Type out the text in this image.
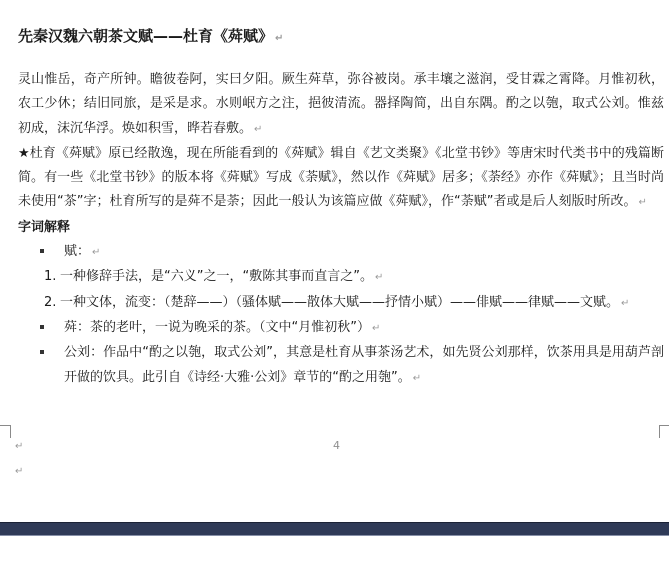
先秦汉魏六朝茶文赋——杜育《荈赋》 ↵

灵山惟岳，奇产所钟。瞻彼卷阿，实曰夕阳。厥生荈草，弥谷被岗。承丰壤之滋润，受甘霖之霄降。月惟初秋，农工少休；结旧同旅，是采是求。水则岷方之注，挹彼清流。器择陶简，出自东隅。酌之以匏，取式公刘。惟兹初成，沫沉华浮。焕如积雪，晔若春敷。 ↵

★杜育《荈赋》原已经散逸，现在所能看到的《荈赋》辑自《艺文类聚》《北堂书钞》等唐宋时代类书中的残篇断简。有一些《北堂书钞》的版本将《荈赋》写成《荼赋》，然以作《荈赋》居多；《荼经》亦作《荈赋》；且当时尚未使用“茶”字；杜育所写的是荈不是荼；因此一般认为该篇应做《荈赋》，作“荼赋”者或是后人刻版时所改。 ↵

字词解释

赋： ↵

1. 一种修辞手法，是“六义”之一，“敷陈其事而直言之”。 ↵

2. 一种文体，流变：（楚辞——）（骚体赋——散体大赋——抒情小赋）——俳赋——律赋——文赋。 ↵

荈：茶的老叶，一说为晚采的茶。（文中“月惟初秋”） ↵

公刘：作品中“酌之以匏，取式公刘”，其意是杜育从事茶汤艺术，如先贤公刘那样，饮茶用具是用葫芦剖开做的饮具。此引自《诗经·大雅·公刘》章节的“酌之用匏”。 ↵

↵
↵
4
